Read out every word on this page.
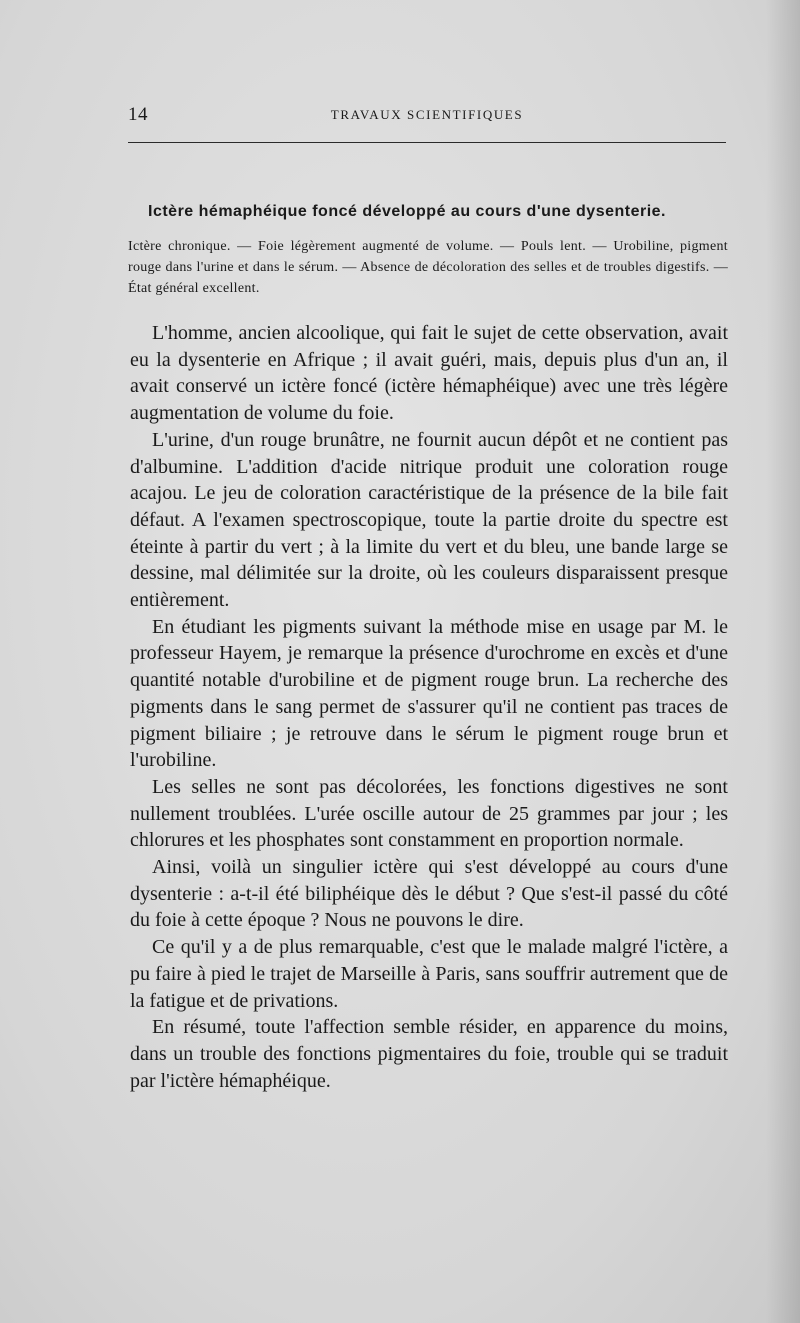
14	TRAVAUX SCIENTIFIQUES
Ictère hémaphéique foncé développé au cours d'une dysenterie.
Ictère chronique. — Foie légèrement augmenté de volume. — Pouls lent. — Urobiline, pigment rouge dans l'urine et dans le sérum. — Absence de décoloration des selles et de troubles digestifs. — État général excellent.

L'homme, ancien alcoolique, qui fait le sujet de cette observation, avait eu la dysenterie en Afrique ; il avait guéri, mais, depuis plus d'un an, il avait conservé un ictère foncé (ictère hémaphéique) avec une très légère augmentation de volume du foie.

L'urine, d'un rouge brunâtre, ne fournit aucun dépôt et ne contient pas d'albumine. L'addition d'acide nitrique produit une coloration rouge acajou. Le jeu de coloration caractéristique de la présence de la bile fait défaut. A l'examen spectroscopique, toute la partie droite du spectre est éteinte à partir du vert ; à la limite du vert et du bleu, une bande large se dessine, mal délimitée sur la droite, où les couleurs disparaissent presque entièrement.

En étudiant les pigments suivant la méthode mise en usage par M. le professeur Hayem, je remarque la présence d'urochrome en excès et d'une quantité notable d'urobiline et de pigment rouge brun. La recherche des pigments dans le sang permet de s'assurer qu'il ne contient pas traces de pigment biliaire ; je retrouve dans le sérum le pigment rouge brun et l'urobiline.

Les selles ne sont pas décolorées, les fonctions digestives ne sont nullement troublées. L'urée oscille autour de 25 grammes par jour ; les chlorures et les phosphates sont constamment en proportion normale.

Ainsi, voilà un singulier ictère qui s'est développé au cours d'une dysenterie : a-t-il été biliphéique dès le début ? Que s'est-il passé du côté du foie à cette époque ? Nous ne pouvons le dire.

Ce qu'il y a de plus remarquable, c'est que le malade malgré l'ictère, a pu faire à pied le trajet de Marseille à Paris, sans souffrir autrement que de la fatigue et de privations.

En résumé, toute l'affection semble résider, en apparence du moins, dans un trouble des fonctions pigmentaires du foie, trouble qui se traduit par l'ictère hémaphéique.
